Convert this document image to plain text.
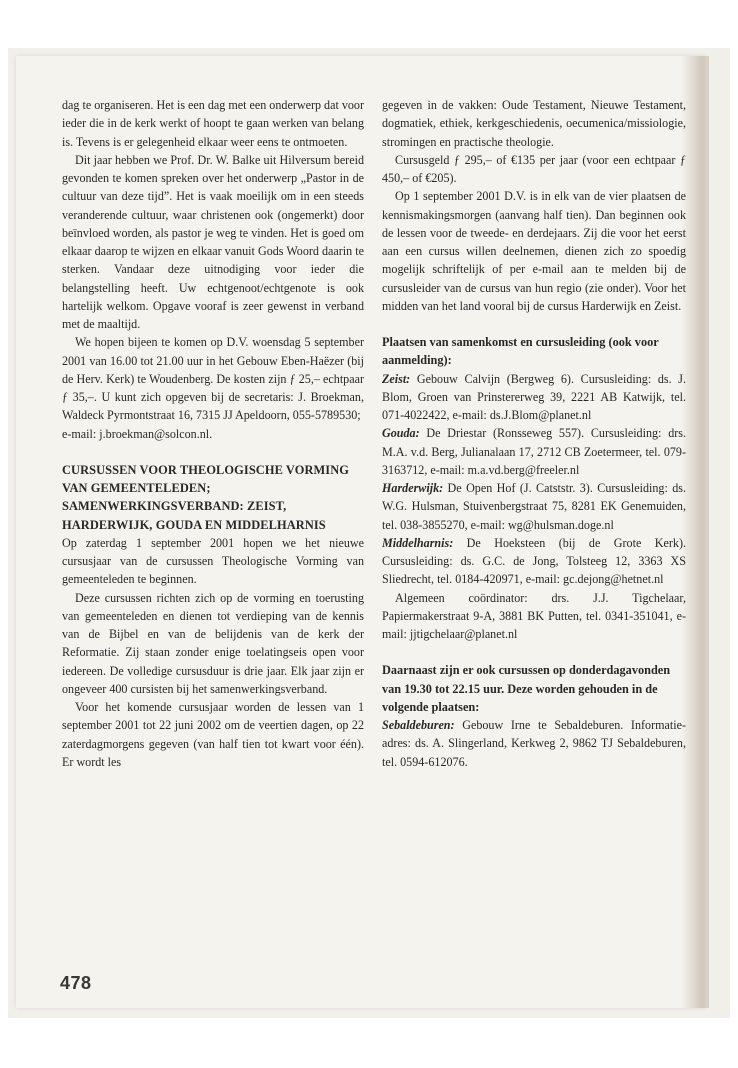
dag te organiseren. Het is een dag met een onderwerp dat voor ieder die in de kerk werkt of hoopt te gaan werken van belang is. Tevens is er gelegenheid elkaar weer eens te ontmoeten.

Dit jaar hebben we Prof. Dr. W. Balke uit Hilversum bereid gevonden te komen spreken over het onderwerp „Pastor in de cultuur van deze tijd”. Het is vaak moeilijk om in een steeds veranderende cultuur, waar christenen ook (ongemerkt) door beïnvloed worden, als pastor je weg te vinden. Het is goed om elkaar daarop te wijzen en elkaar vanuit Gods Woord daarin te sterken. Vandaar deze uitnodiging voor ieder die belangstelling heeft. Uw echtgenoot/echtgenote is ook hartelijk welkom. Opgave vooraf is zeer gewenst in verband met de maaltijd.

We hopen bijeen te komen op D.V. woensdag 5 september 2001 van 16.00 tot 21.00 uur in het Gebouw Eben-Haëzer (bij de Herv. Kerk) te Woudenberg. De kosten zijn ƒ 25,– echtpaar ƒ 35,–. U kunt zich opgeven bij de secretaris: J. Broekman, Waldeck Pyrmontstraat 16, 7315 JJ Apeldoorn, 055-5789530;

e-mail: j.broekman@solcon.nl.

CURSUSSEN VOOR THEOLOGISCHE VORMING VAN GEMEENTELEDEN; SAMENWERKINGSVERBAND: ZEIST, HARDERWIJK, GOUDA EN MIDDELHARNIS

Op zaterdag 1 september 2001 hopen we het nieuwe cursusjaar van de cursussen Theologische Vorming van gemeenteleden te beginnen.

Deze cursussen richten zich op de vorming en toerusting van gemeenteleden en dienen tot verdieping van de kennis van de Bijbel en van de belijdenis van de kerk der Reformatie. Zij staan zonder enige toelatingseis open voor iedereen. De volledige cursusduur is drie jaar. Elk jaar zijn er ongeveer 400 cursisten bij het samenwerkingsverband.

Voor het komende cursusjaar worden de lessen van 1 september 2001 tot 22 juni 2002 om de veertien dagen, op 22 zaterdagmorgens gegeven (van half tien tot kwart voor één). Er wordt les

gegeven in de vakken: Oude Testament, Nieuwe Testament, dogmatiek, ethiek, kerkgeschiedenis, oecumenica/missiologie, stromingen en practische theologie.

Cursusgeld ƒ 295,– of €135 per jaar (voor een echtpaar ƒ 450,– of €205).

Op 1 september 2001 D.V. is in elk van de vier plaatsen de kennismakingsmorgen (aanvang half tien). Dan beginnen ook de lessen voor de tweede- en derdejaars. Zij die voor het eerst aan een cursus willen deelnemen, dienen zich zo spoedig mogelijk schriftelijk of per e-mail aan te melden bij de cursusleider van de cursus van hun regio (zie onder). Voor het midden van het land vooral bij de cursus Harderwijk en Zeist.

Plaatsen van samenkomst en cursusleiding (ook voor aanmelding):

Zeist: Gebouw Calvijn (Bergweg 6). Cursusleiding: ds. J. Blom, Groen van Prinstererweg 39, 2221 AB Katwijk, tel. 071-4022422, e-mail: ds.J.Blom@planet.nl

Gouda: De Driestar (Ronsseweg 557). Cursusleiding: drs. M.A. v.d. Berg, Julianalaan 17, 2712 CB Zoetermeer, tel. 079-3163712, e-mail: m.a.vd.berg@freeler.nl

Harderwijk: De Open Hof (J. Catststr. 3). Cursusleiding: ds. W.G. Hulsman, Stuivenbergstraat 75, 8281 EK Genemuiden, tel. 038-3855270, e-mail: wg@hulsman.doge.nl

Middelharnis: De Hoeksteen (bij de Grote Kerk). Cursusleiding: ds. G.C. de Jong, Tolsteeg 12, 3363 XS Sliedrecht, tel. 0184-420971, e-mail: gc.dejong@hetnet.nl

Algemeen coördinator: drs. J.J. Tigchelaar, Papiermakerstraat 9-A, 3881 BK Putten, tel. 0341-351041, e-mail: jjtigchelaar@planet.nl

Daarnaast zijn er ook cursussen op donderdagavonden van 19.30 tot 22.15 uur. Deze worden gehouden in de volgende plaatsen:

Sebaldeburen: Gebouw Irne te Sebaldeburen. Informatie-adres: ds. A. Slingerland, Kerkweg 2, 9862 TJ Sebaldeburen, tel. 0594-612076.

478
